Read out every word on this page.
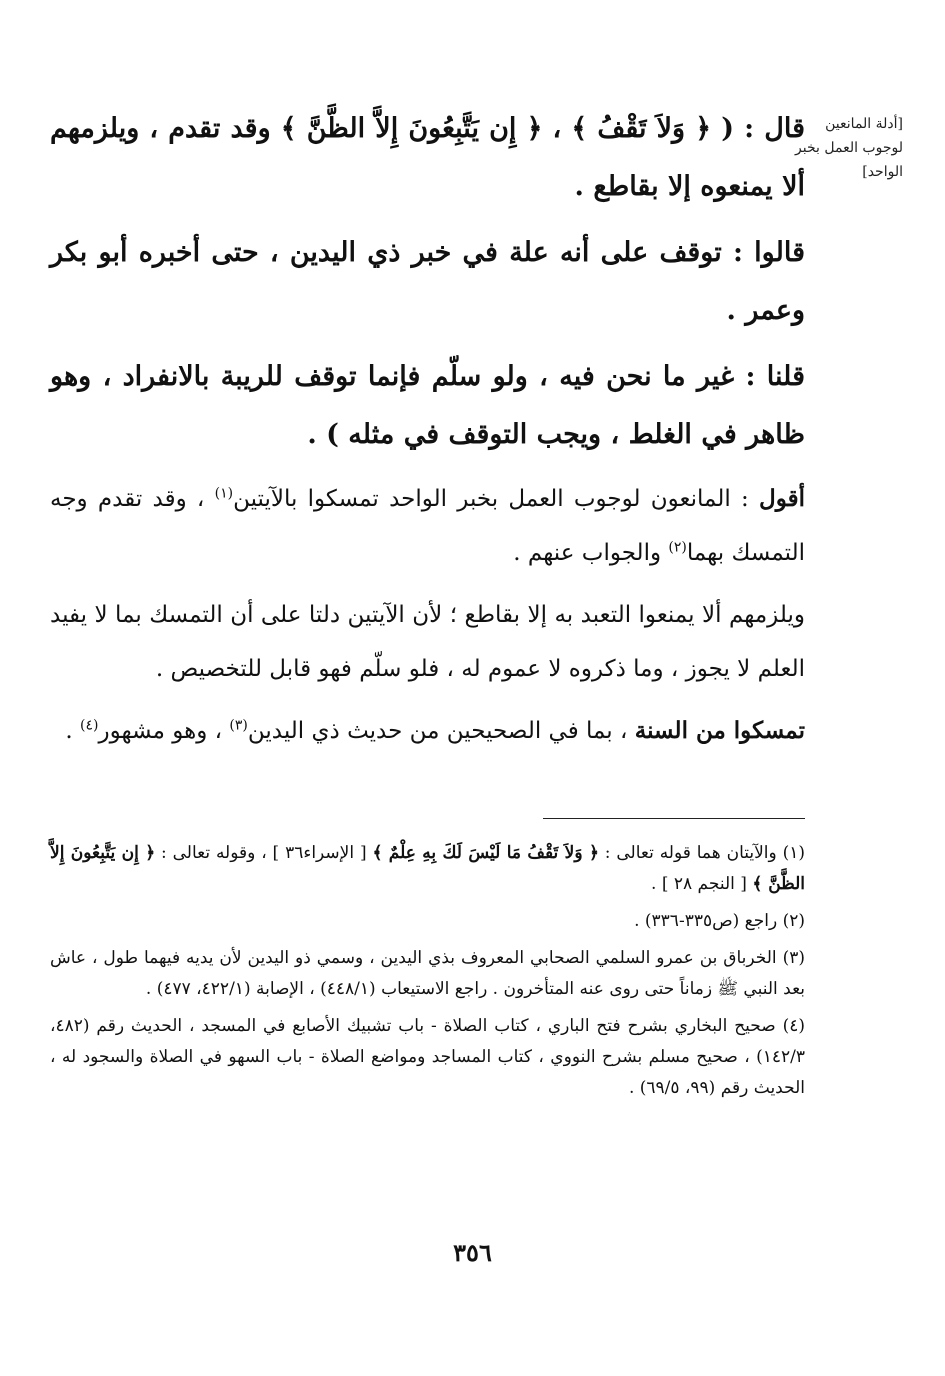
[أدلة المانعين لوجوب العمل بخبر الواحد]

قال : ( ﴿ وَلاَ تَقْفُ ﴾ ، ﴿ إِن يَتَّبِعُونَ إِلاَّ الظَّنَّ ﴾ وقد تقدم ، ويلزمهم ألا يمنعوه إلا بقاطع .

قالوا : توقف على أنه علة في خبر ذي اليدين ، حتى أخبره أبو بكر وعمر .

قلنا : غير ما نحن فيه ، ولو سلّم فإنما توقف للريبة بالانفراد ، وهو ظاهر في الغلط ، ويجب التوقف في مثله ) .

أقول : المانعون لوجوب العمل بخبر الواحد تمسكوا بالآيتين$^{(١)}$ ، وقد تقدم وجه التمسك بهما$^{(٢)}$ والجواب عنهم .

ويلزمهم ألا يمنعوا التعبد به إلا بقاطع ؛ لأن الآيتين دلتا على أن التمسك بما لا يفيد العلم لا يجوز ، وما ذكروه لا عموم له ، فلو سلّم فهو قابل للتخصيص .

تمسكوا من السنة ، بما في الصحيحين من حديث ذي اليدين$^{(٣)}$ ، وهو مشهور$^{(٤)}$ .

(١) والآيتان هما قوله تعالى : ﴿ وَلاَ تَقْفُ مَا لَيْسَ لَكَ بِهِ عِلْمٌ ﴾ [ الإسراء٣٦ ] ، وقوله تعالى : ﴿ إِن يَتَّبِعُونَ إِلاَّ الظَّنَّ ﴾ [ النجم ٢٨ ] .

(٢) راجع (ص٣٣٥-٣٣٦) .

(٣) الخرباق بن عمرو السلمي الصحابي المعروف بذي اليدين ، وسمي ذو اليدين لأن يديه فيهما طول ، عاش بعد النبي ﷺ زماناً حتى روى عنه المتأخرون . راجع الاستيعاب (٤٤٨/١) ، الإصابة (٤٢٢/١، ٤٧٧) .

(٤) صحيح البخاري بشرح فتح الباري ، كتاب الصلاة - باب تشبيك الأصابع في المسجد ، الحديث رقم (٤٨٢، ١٤٢/٣) ، صحيح مسلم بشرح النووي ، كتاب المساجد ومواضع الصلاة - باب السهو في الصلاة والسجود له ، الحديث رقم (٩٩، ٦٩/٥) .

٣٥٦
